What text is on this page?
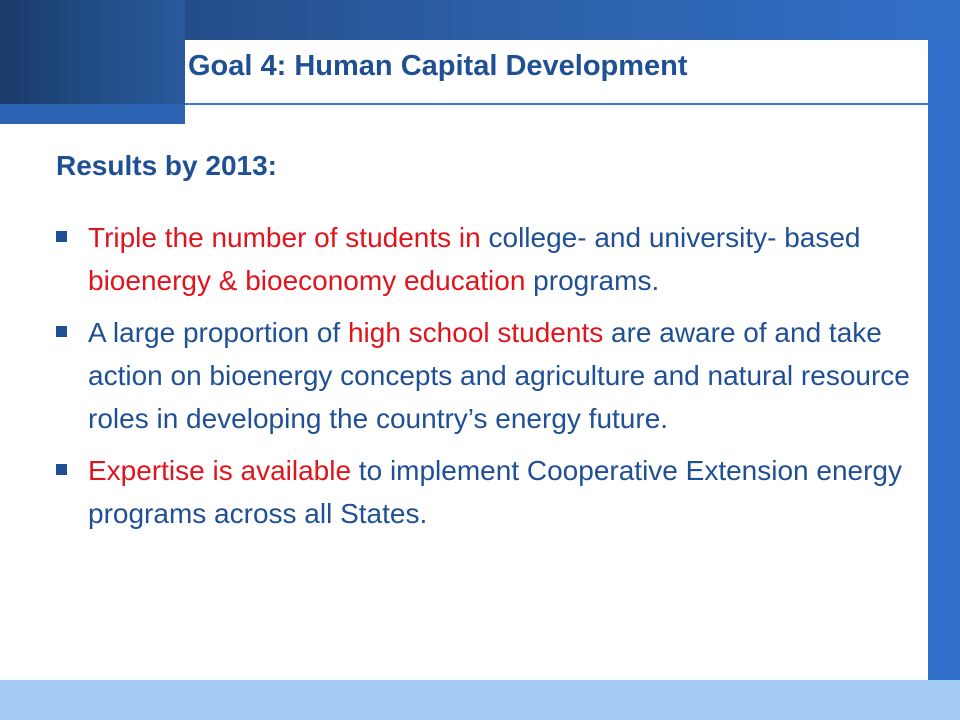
Goal 4: Human Capital Development
Results by 2013:
Triple the number of students in college- and university- based bioenergy & bioeconomy education programs.
A large proportion of high school students are aware of and take action on bioenergy concepts and agriculture and natural resource roles in developing the country’s energy future.
Expertise is available to implement Cooperative Extension energy programs across all States.
